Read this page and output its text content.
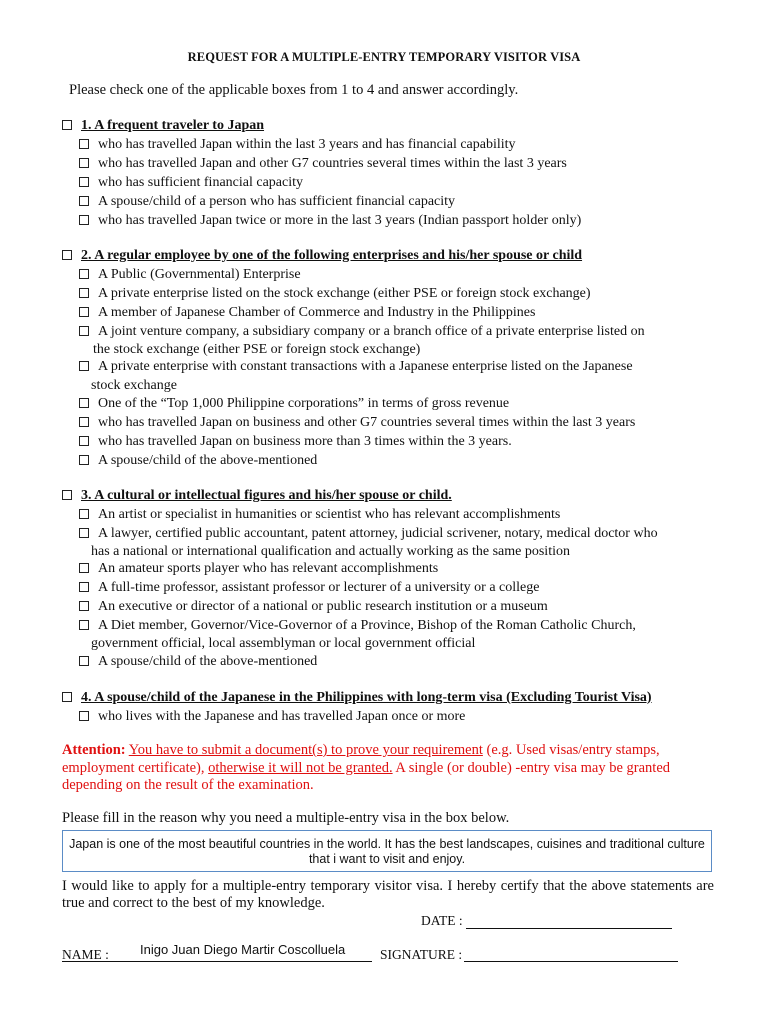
REQUEST FOR A MULTIPLE-ENTRY TEMPORARY VISITOR VISA
Please check one of the applicable boxes from 1 to 4 and answer accordingly.
1. A frequent traveler to Japan
who has travelled Japan within the last 3 years and has financial capability
who has travelled Japan and other G7 countries several times within the last 3 years
who has sufficient financial capacity
A spouse/child of a person who has sufficient financial capacity
who has travelled Japan twice or more in the last 3 years (Indian passport holder only)
2. A regular employee by one of the following enterprises and his/her spouse or child
A Public (Governmental) Enterprise
A private enterprise listed on the stock exchange (either PSE or foreign stock exchange)
A member of Japanese Chamber of Commerce and Industry in the Philippines
A joint venture company, a subsidiary company or a branch office of a private enterprise listed on
the stock exchange (either PSE or foreign stock exchange)
A private enterprise with constant transactions with a Japanese enterprise listed on the Japanese
stock exchange
One of the “Top 1,000 Philippine corporations” in terms of gross revenue
who has travelled Japan on business and other G7 countries several times within the last 3 years
who has travelled Japan on business more than 3 times within the 3 years.
A spouse/child of the above-mentioned
3. A cultural or intellectual figures and his/her spouse or child.
An artist or specialist in humanities or scientist who has relevant accomplishments
A lawyer, certified public accountant, patent attorney, judicial scrivener, notary, medical doctor who
has a national or international qualification and actually working as the same position
An amateur sports player who has relevant accomplishments
A full-time professor, assistant professor or lecturer of a university or a college
An executive or director of a national or public research institution or a museum
A Diet member, Governor/Vice-Governor of a Province, Bishop of the Roman Catholic Church,
government official, local assemblyman or local government official
A spouse/child of the above-mentioned
4. A spouse/child of the Japanese in the Philippines with long-term visa (Excluding Tourist Visa)
who lives with the Japanese and has travelled Japan once or more
Attention: You have to submit a document(s) to prove your requirement (e.g. Used visas/entry stamps, employment certificate), otherwise it will not be granted. A single (or double) -entry visa may be granted depending on the result of the examination.
Please fill in the reason why you need a multiple-entry visa in the box below.
Japan is one of the most beautiful countries in the world. It has the best landscapes, cuisines and traditional culture that i want to visit and enjoy.
I would like to apply for a multiple-entry temporary visitor visa. I hereby certify that the above statements are true and correct to the best of my knowledge.
DATE :
NAME : Inigo Juan Diego Martir Coscolluela	SIGNATURE :
